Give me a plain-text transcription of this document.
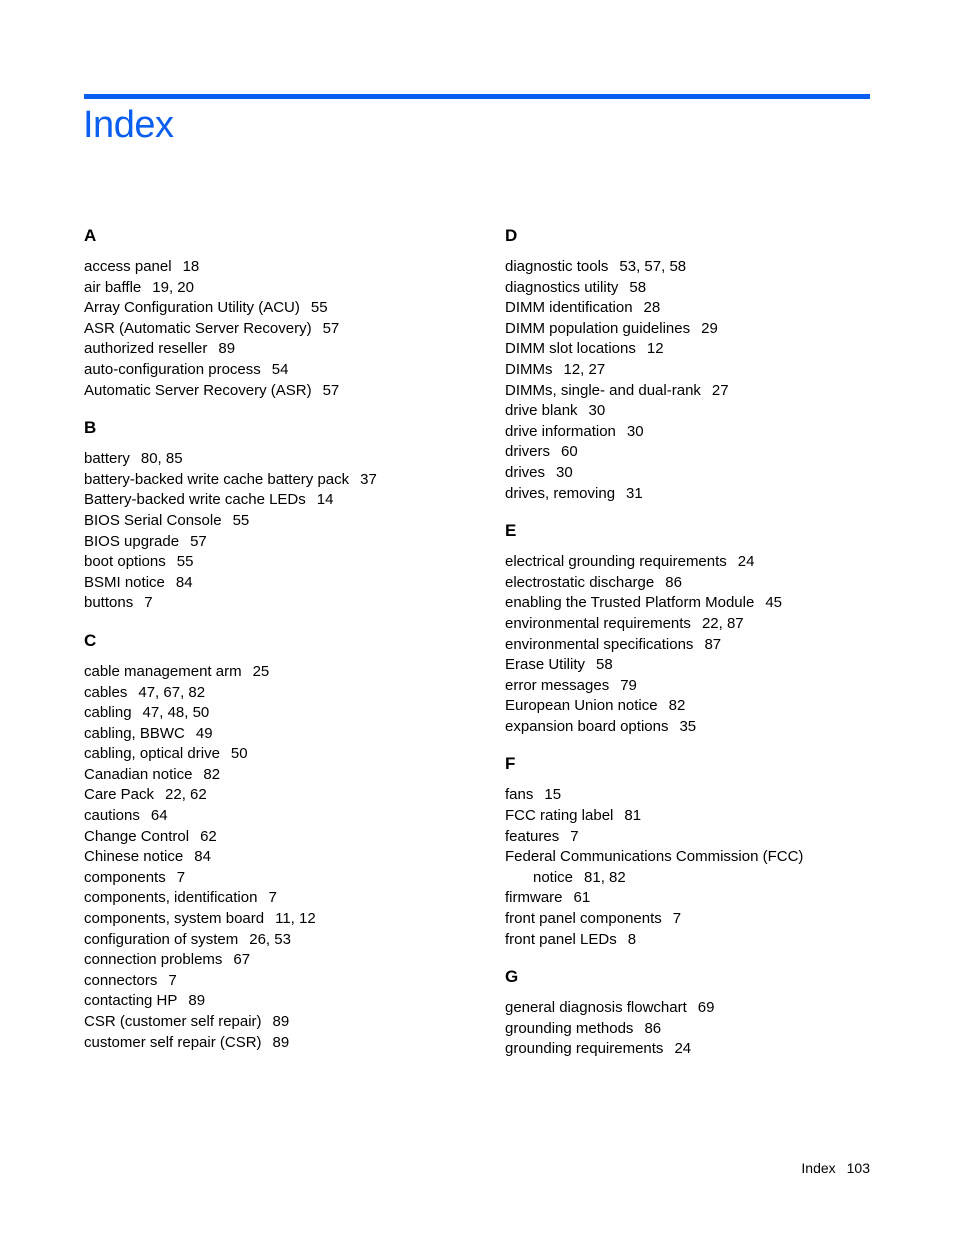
Index
A
access panel 18
air baffle 19, 20
Array Configuration Utility (ACU) 55
ASR (Automatic Server Recovery) 57
authorized reseller 89
auto-configuration process 54
Automatic Server Recovery (ASR) 57
B
battery 80, 85
battery-backed write cache battery pack 37
Battery-backed write cache LEDs 14
BIOS Serial Console 55
BIOS upgrade 57
boot options 55
BSMI notice 84
buttons 7
C
cable management arm 25
cables 47, 67, 82
cabling 47, 48, 50
cabling, BBWC 49
cabling, optical drive 50
Canadian notice 82
Care Pack 22, 62
cautions 64
Change Control 62
Chinese notice 84
components 7
components, identification 7
components, system board 11, 12
configuration of system 26, 53
connection problems 67
connectors 7
contacting HP 89
CSR (customer self repair) 89
customer self repair (CSR) 89
D
diagnostic tools 53, 57, 58
diagnostics utility 58
DIMM identification 28
DIMM population guidelines 29
DIMM slot locations 12
DIMMs 12, 27
DIMMs, single- and dual-rank 27
drive blank 30
drive information 30
drivers 60
drives 30
drives, removing 31
E
electrical grounding requirements 24
electrostatic discharge 86
enabling the Trusted Platform Module 45
environmental requirements 22, 87
environmental specifications 87
Erase Utility 58
error messages 79
European Union notice 82
expansion board options 35
F
fans 15
FCC rating label 81
features 7
Federal Communications Commission (FCC)
notice 81, 82
firmware 61
front panel components 7
front panel LEDs 8
G
general diagnosis flowchart 69
grounding methods 86
grounding requirements 24
Index 103
